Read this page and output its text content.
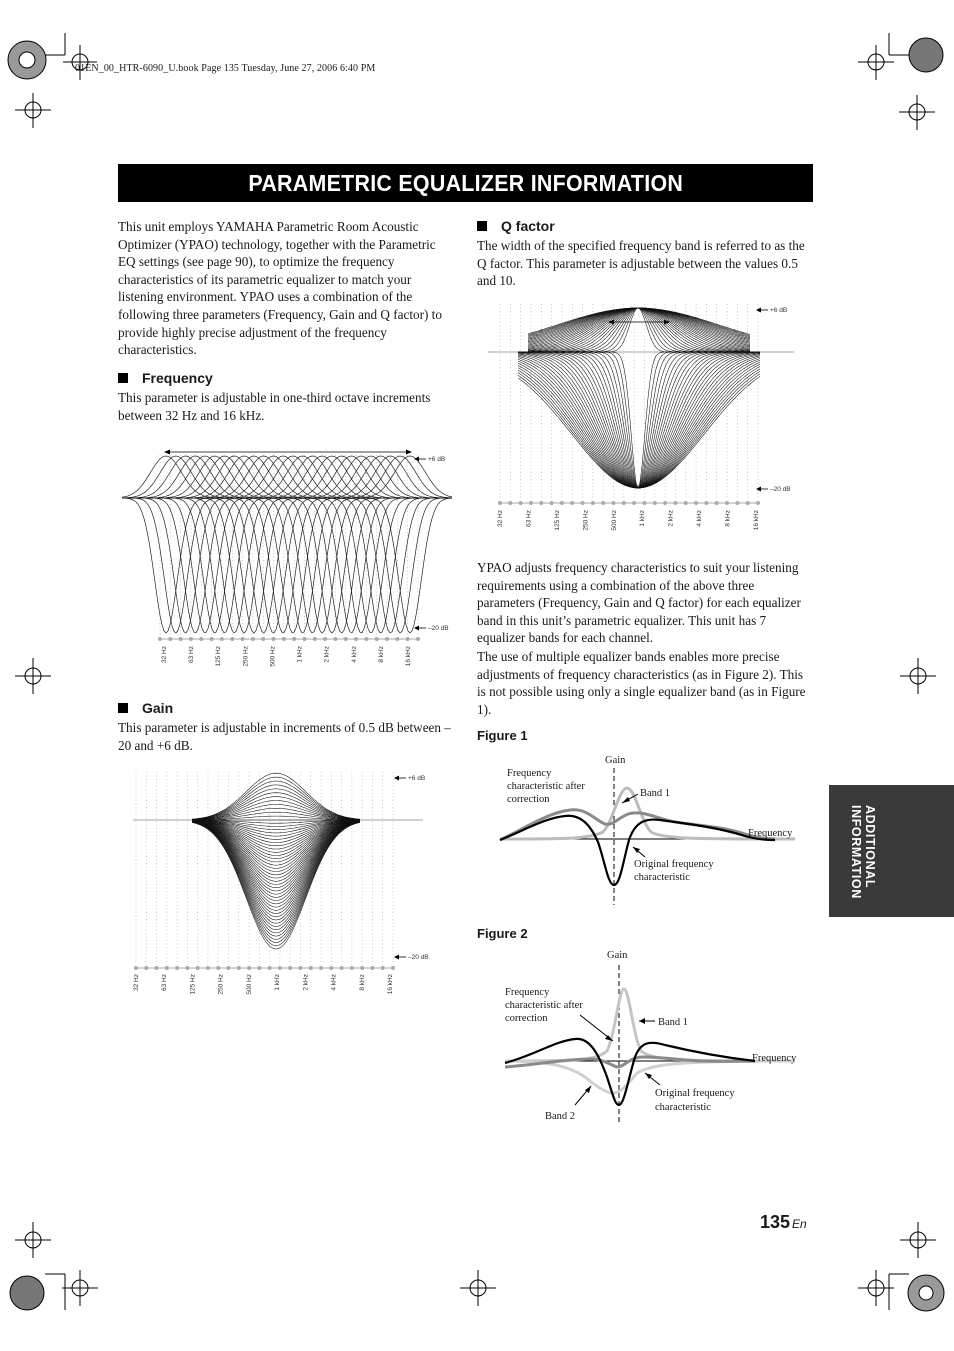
01EN_00_HTR-6090_U.book Page 135 Tuesday, June 27, 2006 6:40 PM
PARAMETRIC EQUALIZER INFORMATION
This unit employs YAMAHA Parametric Room Acoustic Optimizer (YPAO) technology, together with the Parametric EQ settings (see page 90), to optimize the frequency characteristics of its parametric equalizer to match your listening environment. YPAO uses a combination of the following three parameters (Frequency, Gain and Q factor) to provide highly precise adjustment of the frequency characteristics.
Frequency
This parameter is adjustable in one-third octave increments between 32 Hz and 16 kHz.
+6 dB
–20 dB
32 Hz	63 Hz	125 Hz	250 Hz	500 Hz	1 kHz	2 kHz	4 kHz	8 kHz	16 kHz
Gain
This parameter is adjustable in increments of 0.5 dB between –20 and +6 dB.
+6 dB
–20 dB
32 Hz	63 Hz	125 Hz	250 Hz	500 Hz	1 kHz	2 kHz	4 kHz	8 kHz	16 kHz
Q factor
The width of the specified frequency band is referred to as the Q factor. This parameter is adjustable between the values 0.5 and 10.
+6 dB
–20 dB
32 Hz	63 Hz	125 Hz	250 Hz	500 Hz	1 kHz	2 kHz	4 kHz	8 kHz	16 kHz
YPAO adjusts frequency characteristics to suit your listening requirements using a combination of the above three parameters (Frequency, Gain and Q factor) for each equalizer band in this unit’s parametric equalizer. This unit has 7 equalizer bands for each channel.
The use of multiple equalizer bands enables more precise adjustments of frequency characteristics (as in Figure 2). This is not possible using only a single equalizer band (as in Figure 1).
Figure 1
Gain
Frequency
characteristic after
correction
Band 1
Frequency
Original frequency
characteristic
Figure 2
Gain
Frequency
characteristic after
correction	Band 1
Frequency
Original frequency
characteristic
Band 2
ADDITIONAL INFORMATION
135 En
